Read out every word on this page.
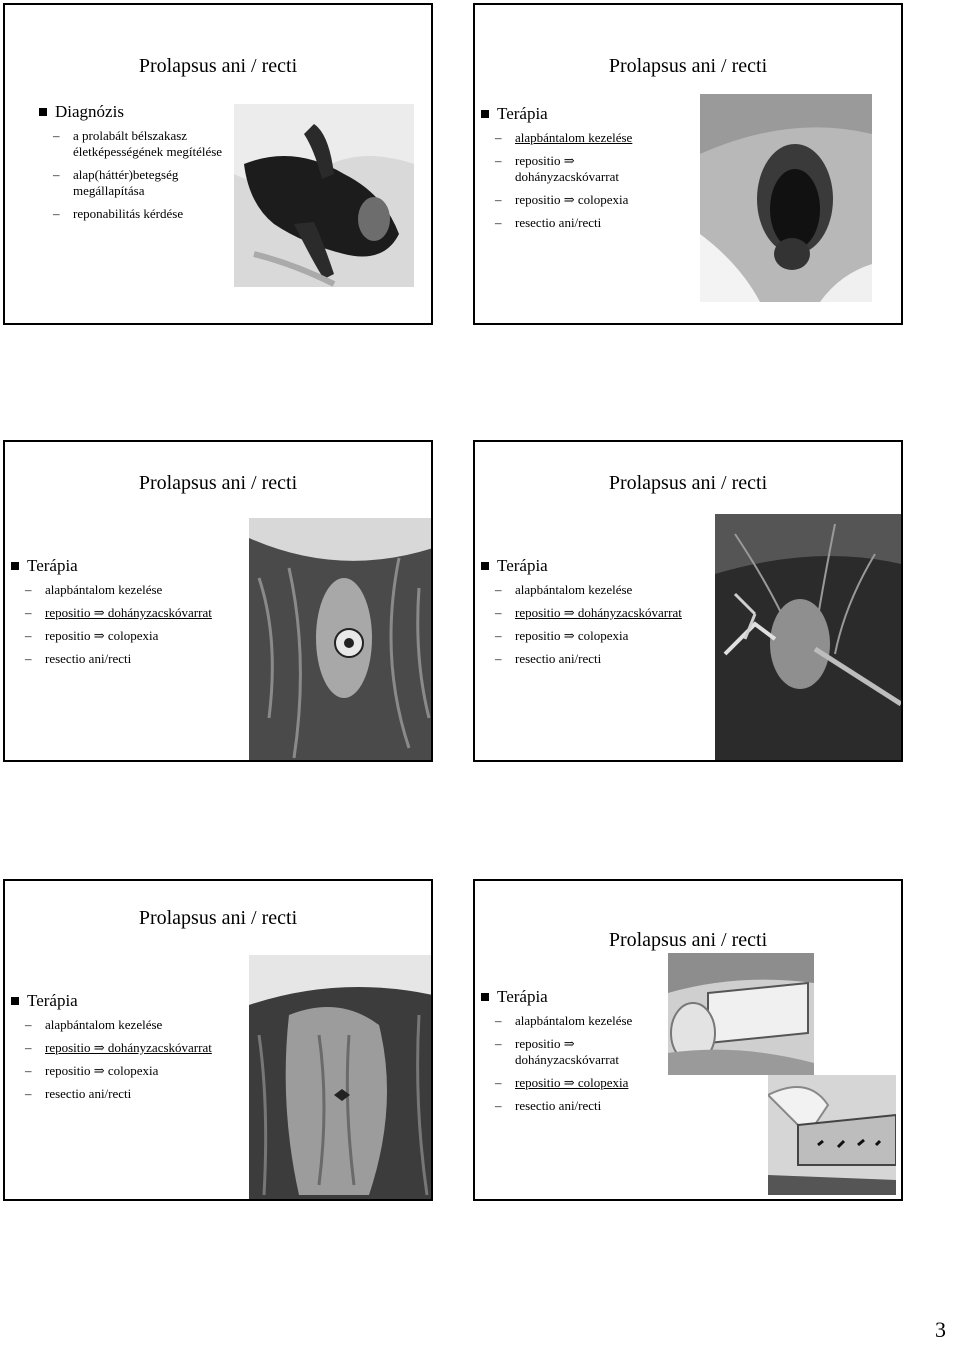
Prolapsus ani / recti
Diagnózis
– a prolabált bélszakasz életképességének megítélése
– alap(háttér)betegség megállapítása
– reponabilitás kérdése
Prolapsus ani / recti
Terápia
– alapbántalom kezelése
– repositio ⇒ dohányzacskóvarrat
– repositio ⇒ colopexia
– resectio ani/recti
Prolapsus ani / recti
Terápia
– alapbántalom kezelése
– repositio ⇒ dohányzacskóvarrat
– repositio ⇒ colopexia
– resectio ani/recti
Prolapsus ani / recti
Terápia
– alapbántalom kezelése
– repositio ⇒ dohányzacskóvarrat
– repositio ⇒ colopexia
– resectio ani/recti
Prolapsus ani / recti
Terápia
– alapbántalom kezelése
– repositio ⇒ dohányzacskóvarrat
– repositio ⇒ colopexia
– resectio ani/recti
Prolapsus ani / recti
Terápia
– alapbántalom kezelése
– repositio ⇒ dohányzacskóvarrat
– repositio ⇒ colopexia
– resectio ani/recti
3
